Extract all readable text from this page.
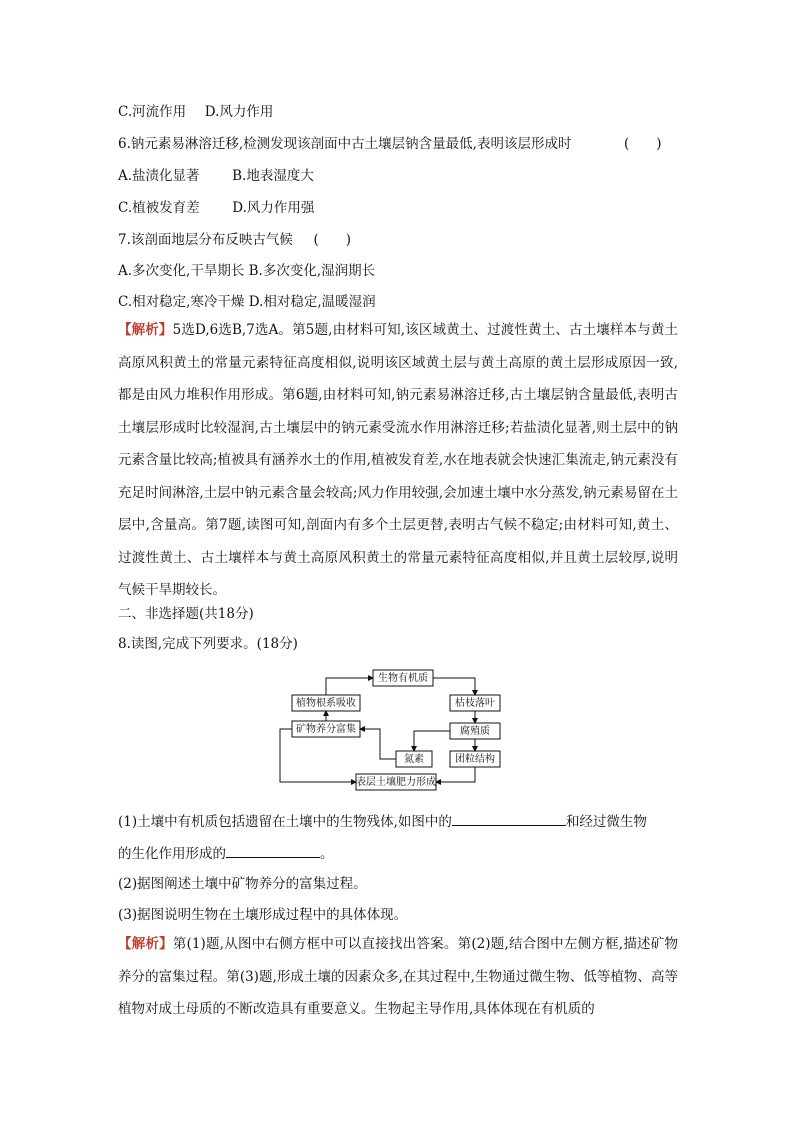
C.河流作用 D.风力作用
6.钠元素易淋溶迁移,检测发现该剖面中古土壤层钠含量最低,表明该层形成时	(　　)
A.盐渍化显著 B.地表湿度大
C.植被发育差 D.风力作用强
7.该剖面地层分布反映古气候 (　　)
A.多次变化,干旱期长 B.多次变化,湿润期长
C.相对稳定,寒冷干燥 D.相对稳定,温暖湿润
【解析】5选D,6选B,7选A。第5题,由材料可知,该区域黄土、过渡性黄土、古土壤样本与黄土高原风积黄土的常量元素特征高度相似,说明该区域黄土层与黄土高原的黄土层形成原因一致,都是由风力堆积作用形成。第6题,由材料可知,钠元素易淋溶迁移,古土壤层钠含量最低,表明古土壤层形成时比较湿润,古土壤层中的钠元素受流水作用淋溶迁移;若盐渍化显著,则土层中的钠元素含量比较高;植被具有涵养水土的作用,植被发育差,水在地表就会快速汇集流走,钠元素没有充足时间淋溶,土层中钠元素含量会较高;风力作用较强,会加速土壤中水分蒸发,钠元素易留在土层中,含量高。第7题,读图可知,剖面内有多个土层更替,表明古气候不稳定;由材料可知,黄土、过渡性黄土、古土壤样本与黄土高原风积黄土的常量元素特征高度相似,并且黄土层较厚,说明气候干旱期较长。
二、非选择题(共18分)
8.读图,完成下列要求。(18分)
生物有机质
植物根系吸收	枯枝落叶
矿物养分富集	腐殖质
氮素	团粒结构
表层土壤肥力形成
(1)土壤中有机质包括遗留在土壤中的生物残体,如图中的	和经过微生物
的生化作用形成的	。
(2)据图阐述土壤中矿物养分的富集过程。
(3)据图说明生物在土壤形成过程中的具体体现。
【解析】第(1)题,从图中右侧方框中可以直接找出答案。第(2)题,结合图中左侧方框,描述矿物养分的富集过程。第(3)题,形成土壤的因素众多,在其过程中,生物通过微生物、低等植物、高等植物对成土母质的不断改造具有重要意义。生物起主导作用,具体体现在有机质的
